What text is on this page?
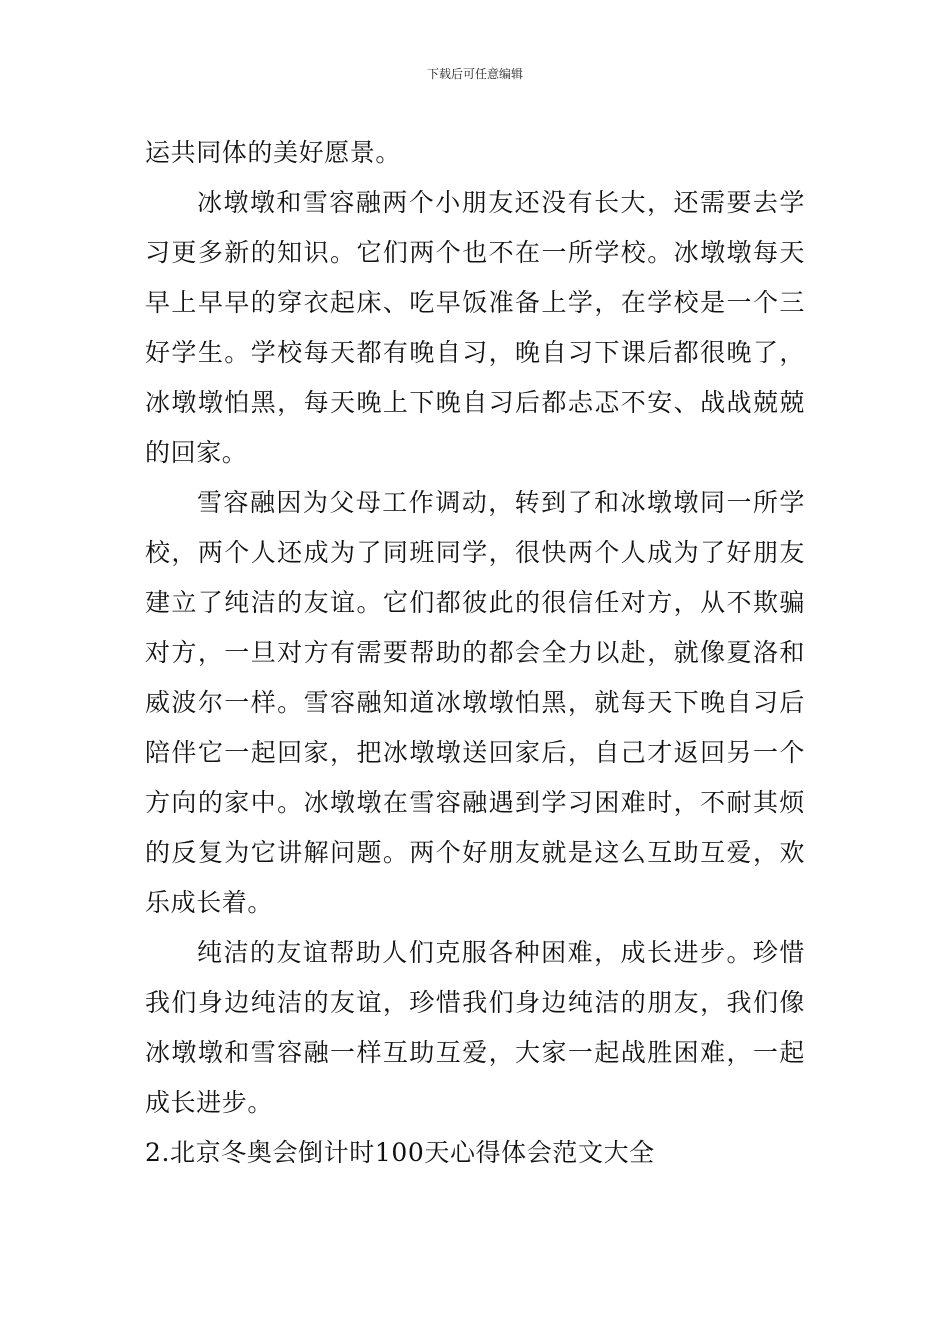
下载后可任意编辑

运共同体的美好愿景。

冰墩墩和雪容融两个小朋友还没有长大，还需要去学习更多新的知识。它们两个也不在一所学校。冰墩墩每天早上早早的穿衣起床、吃早饭准备上学，在学校是一个三好学生。学校每天都有晚自习，晚自习下课后都很晚了，冰墩墩怕黑，每天晚上下晚自习后都忐忑不安、战战兢兢的回家。

雪容融因为父母工作调动，转到了和冰墩墩同一所学校，两个人还成为了同班同学，很快两个人成为了好朋友建立了纯洁的友谊。它们都彼此的很信任对方，从不欺骗对方，一旦对方有需要帮助的都会全力以赴，就像夏洛和威波尔一样。雪容融知道冰墩墩怕黑，就每天下晚自习后陪伴它一起回家，把冰墩墩送回家后，自己才返回另一个方向的家中。冰墩墩在雪容融遇到学习困难时，不耐其烦的反复为它讲解问题。两个好朋友就是这么互助互爱，欢乐成长着。

纯洁的友谊帮助人们克服各种困难，成长进步。珍惜我们身边纯洁的友谊，珍惜我们身边纯洁的朋友，我们像冰墩墩和雪容融一样互助互爱，大家一起战胜困难，一起成长进步。

2.北京冬奥会倒计时100天心得体会范文大全
